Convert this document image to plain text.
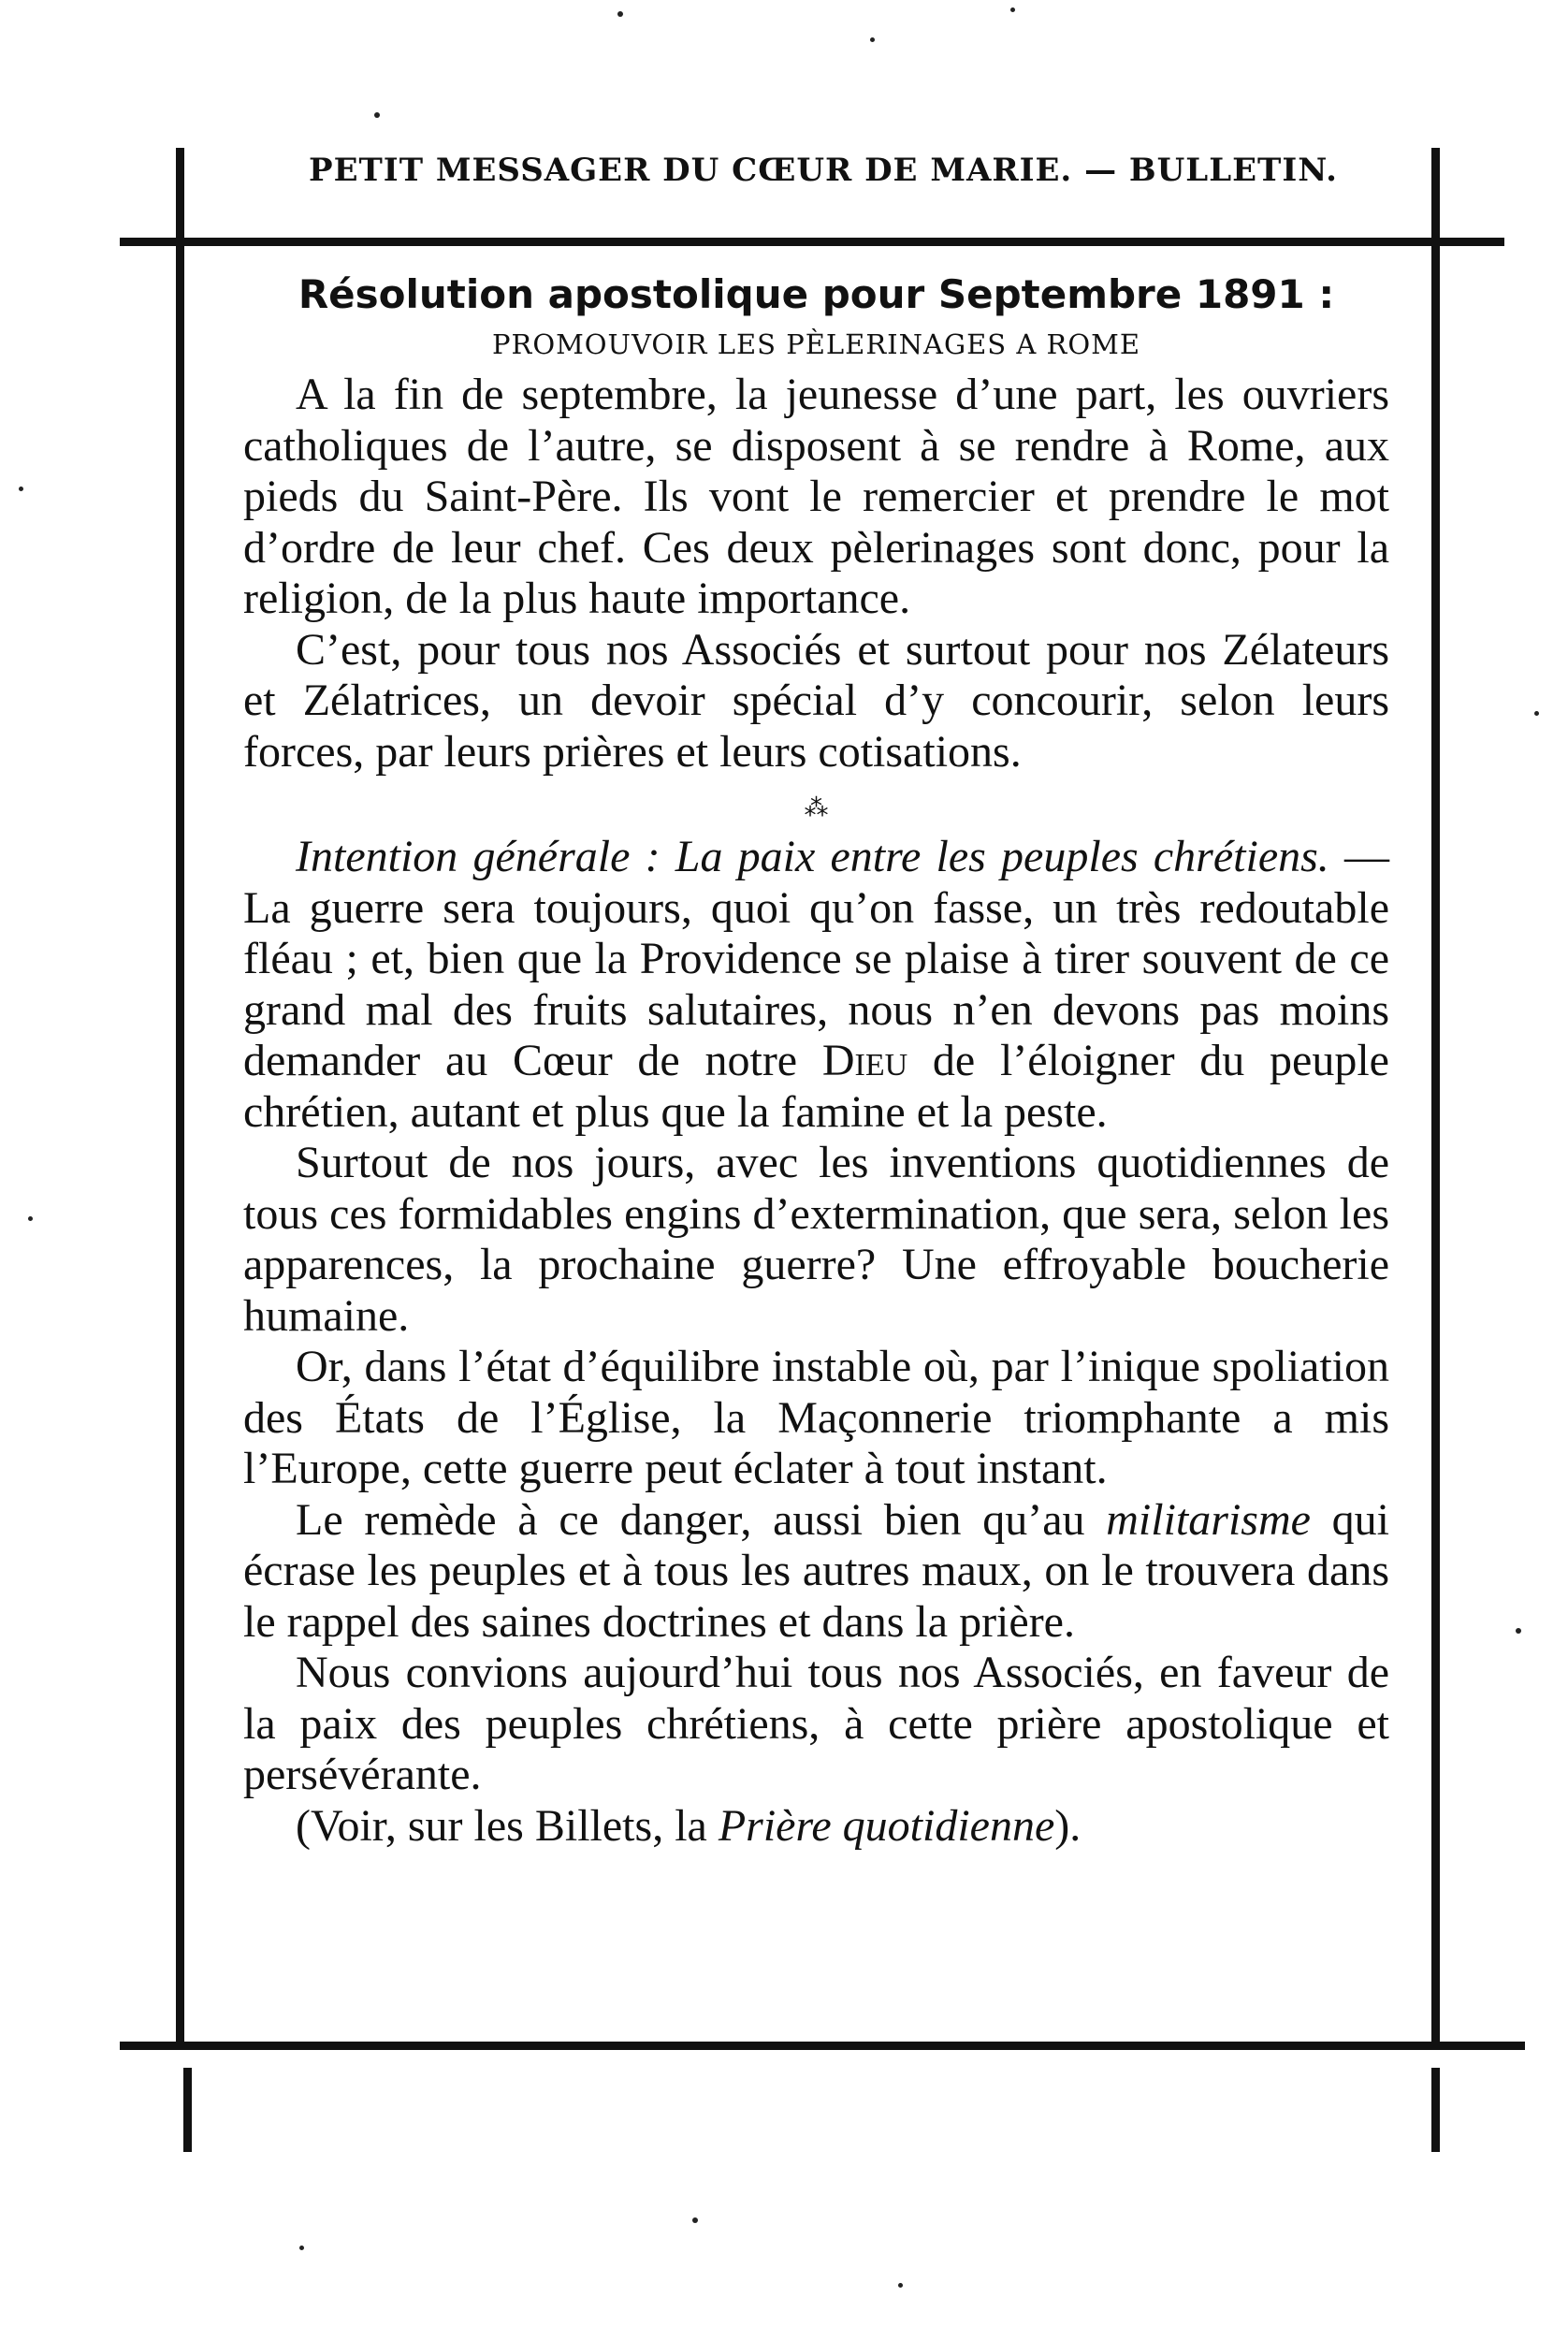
PETIT MESSAGER DU CŒUR DE MARIE. — BULLETIN.
Résolution apostolique pour Septembre 1891 :
PROMOUVOIR LES PÈLERINAGES A ROME

A la fin de septembre, la jeunesse d’une part, les ouvriers catholiques de l’autre, se disposent à se rendre à Rome, aux pieds du Saint-Père. Ils vont le remercier et prendre le mot d’ordre de leur chef. Ces deux pèlerinages sont donc, pour la religion, de la plus haute importance.

C’est, pour tous nos Associés et surtout pour nos Zélateurs et Zélatrices, un devoir spécial d’y concourir, selon leurs forces, par leurs prières et leurs cotisations.

⁂

Intention générale : La paix entre les peuples chrétiens. — La guerre sera toujours, quoi qu’on fasse, un très redoutable fléau ; et, bien que la Providence se plaise à tirer souvent de ce grand mal des fruits salutaires, nous n’en devons pas moins demander au Cœur de notre Dieu de l’éloigner du peuple chrétien, autant et plus que la famine et la peste.

Surtout de nos jours, avec les inventions quotidiennes de tous ces formidables engins d’extermination, que sera, selon les apparences, la prochaine guerre? Une effroyable boucherie humaine.

Or, dans l’état d’équilibre instable où, par l’inique spoliation des États de l’Église, la Maçonnerie triomphante a mis l’Europe, cette guerre peut éclater à tout instant.

Le remède à ce danger, aussi bien qu’au militarisme qui écrase les peuples et à tous les autres maux, on le trouvera dans le rappel des saines doctrines et dans la prière.

Nous convions aujourd’hui tous nos Associés, en faveur de la paix des peuples chrétiens, à cette prière apostolique et persévérante.

(Voir, sur les Billets, la Prière quotidienne).
